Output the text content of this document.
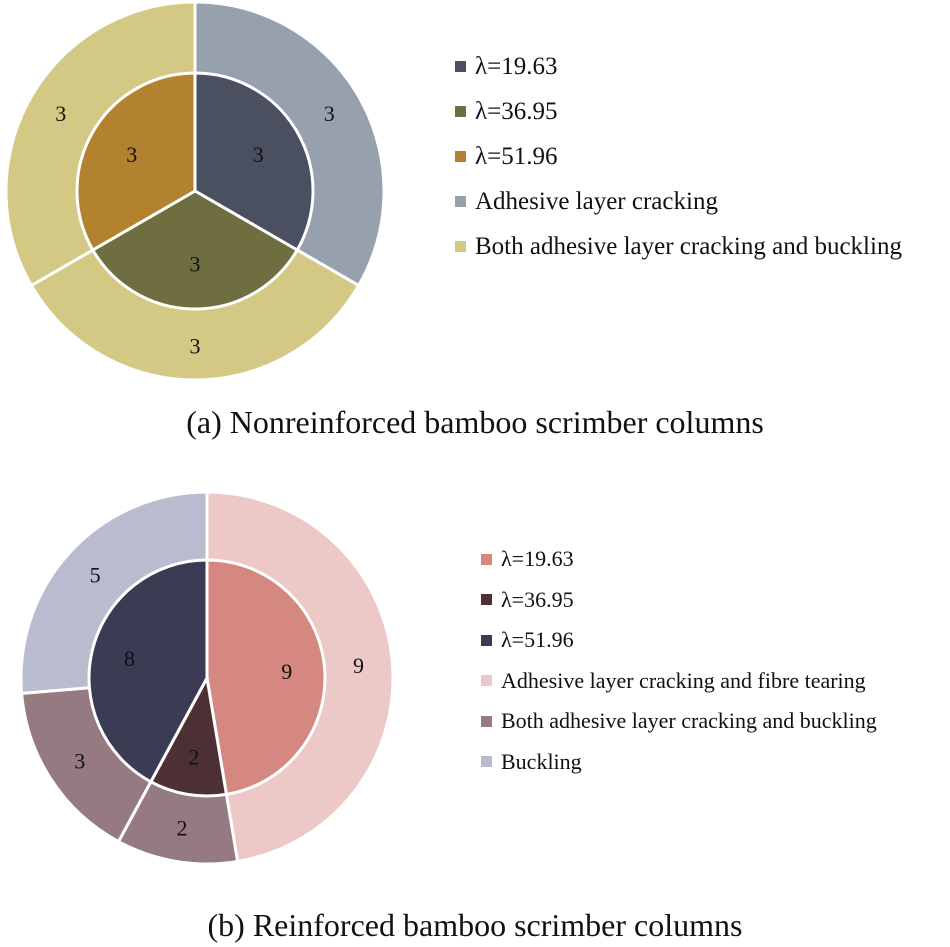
3
3
3
3
3
3
λ=19.63
λ=36.95
λ=51.96
Adhesive layer cracking
Both adhesive layer cracking and buckling
(a) Nonreinforced bamboo scrimber columns
9
2
3
5
9
2
8
λ=19.63
λ=36.95
λ=51.96
Adhesive layer cracking and fibre tearing
Both adhesive layer cracking and buckling
Buckling
(b) Reinforced bamboo scrimber columns
